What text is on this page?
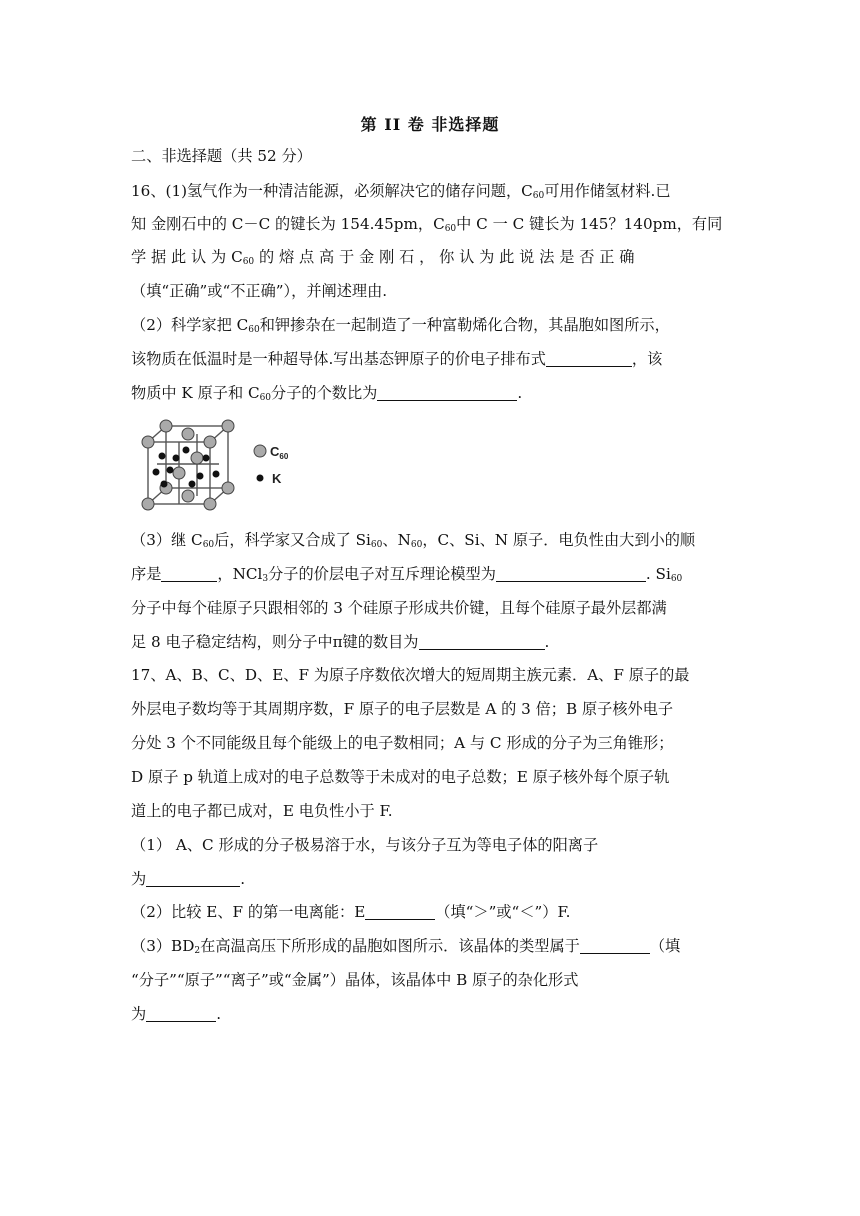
第 II 卷 非选择题
二、非选择题（共 52 分）
16、(1)氢气作为一种清洁能源，必须解决它的储存问题，$C_{60}$可用作储氢材料.已
知 金刚石中的 C－C 的键长为 154.45pm，$C_{60}$中 C 一 C 键长为 145？140pm，有同
学 据 此 认 为 $C_{60}$ 的 熔 点 高 于 金 刚 石 ， 你 认 为 此 说 法 是 否 正 确
（填“正确”或“不正确”），并阐述理由.
（2）科学家把 $C_{60}$和钾掺杂在一起制造了一种富勒烯化合物，其晶胞如图所示，
该物质在低温时是一种超导体.写出基态钾原子的价电子排布式	，该
物质中 K 原子和 $C_{60}$分子的个数比为	.
$C_{60}$
K
（3）继 $C_{60}$后，科学家又合成了 $Si_{60}$、$N_{60}$，C、Si、N 原子．电负性由大到小的顺
序是	，NCl$_3$分子的价层电子对互斥理论模型为	. $Si_{60}$
分子中每个硅原子只跟相邻的 3 个硅原子形成共价键，且每个硅原子最外层都满
足 8 电子稳定结构，则分子中π键的数目为	.
17、A、B、C、D、E、F 为原子序数依次增大的短周期主族元素．A、F 原子的最
外层电子数均等于其周期序数，F 原子的电子层数是 A 的 3 倍；B 原子核外电子
分处 3 个不同能级且每个能级上的电子数相同；A 与 C 形成的分子为三角锥形；
D 原子 p 轨道上成对的电子总数等于未成对的电子总数；E 原子核外每个原子轨
道上的电子都已成对，E 电负性小于 F.
（1） A、C 形成的分子极易溶于水，与该分子互为等电子体的阳离子
为	.
（2）比较 E、F 的第一电离能：E	（填“＞”或“＜”）F.
$(3)BD_2$在高温高压下所形成的晶胞如图所示．该晶体的类型属于	（填
“分子”“原子”“离子”或“金属”）晶体，该晶体中 B 原子的杂化形式
为	.
